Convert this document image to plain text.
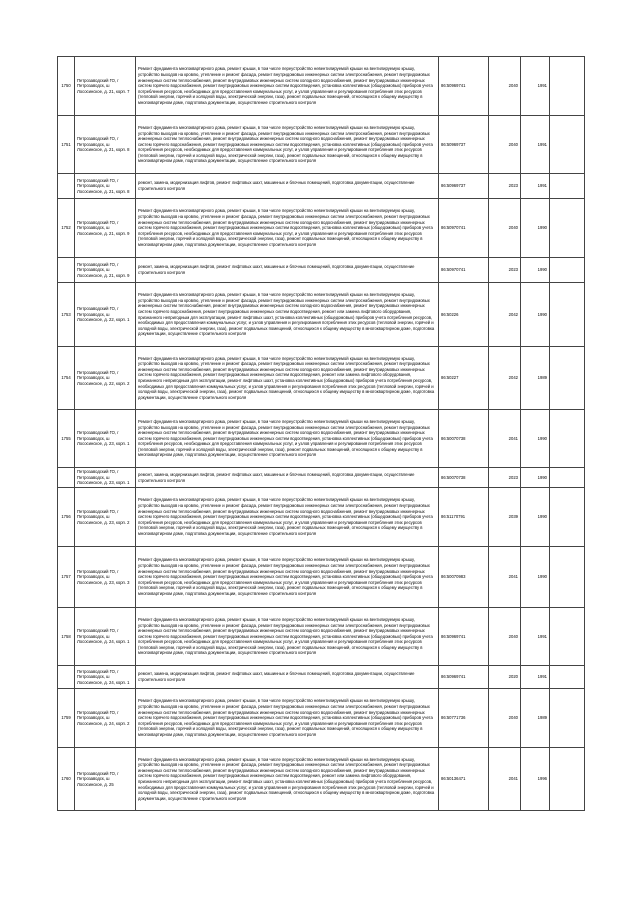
1750	Петрозаводский ГО, г Петрозаводск, ш Лососинское, д. 21, корп. 7	Ремонт фундамента многоквартирного дома, ремонт крыши, в том числе переустройство невентилируемой крыши на вентилируемую крышу, устройство выходов на кровлю, утепление и ремонт фасада, ремонт внутридомовых инженерных систем электроснабжения, ремонт внутридомовых инженерных систем теплоснабжения, ремонт внутридомовых инженерных систем холодного водоснабжения, ремонт внутридомовых инженерных систем горячего водоснабжения, ремонт внутридомовых инженерных систем водоотведения, установка коллективных (общедомовых) приборов учета потребления ресурсов, необходимых для предоставления коммунальных услуг, и узлов управления и регулирования потребления этих ресурсов (тепловой энергии, горячей и холодной воды, электрической энергии, газа), ремонт подвальных помещений, относящихся к общему имуществу в многоквартирном доме, подготовка документации, осуществление строительного контроля	86:50969741	2040	1991	

1751	Петрозаводский ГО, г Петрозаводск, ш Лососинское, д. 21, корп. 8	Ремонт фундамента многоквартирного дома, ремонт крыши, в том числе переустройство невентилируемой крыши на вентилируемую крышу, устройство выходов на кровлю, утепление и ремонт фасада, ремонт внутридомовых инженерных систем электроснабжения, ремонт внутридомовых инженерных систем теплоснабжения, ремонт внутридомовых инженерных систем холодного водоснабжения, ремонт внутридомовых инженерных систем горячего водоснабжения, ремонт внутридомовых инженерных систем водоотведения, установка коллективных (общедомовых) приборов учета потребления ресурсов, необходимых для предоставления коммунальных услуг, и узлов управления и регулирования потребления этих ресурсов (тепловой энергии, горячей и холодной воды, электрической энергии, газа), ремонт подвальных помещений, относящихся к общему имуществу в многоквартирном доме, подготовка документации, осуществление строительного контроля	86:50969737	2040	1991	

	Петрозаводский ГО, г Петрозаводск, ш Лососинское, д. 21, корп. 8	ремонт, замена, модернизация лифтов, ремонт лифтовых шахт, машинных и блочных помещений, подготовка документации, осуществление строительного контроля	86:50969737	2023	1991	

1752	Петрозаводский ГО, г Петрозаводск, ш Лососинское, д. 21, корп. 9	Ремонт фундамента многоквартирного дома, ремонт крыши, в том числе переустройство невентилируемой крыши на вентилируемую крышу, устройство выходов на кровлю, утепление и ремонт фасада, ремонт внутридомовых инженерных систем электроснабжения, ремонт внутридомовых инженерных систем теплоснабжения, ремонт внутридомовых инженерных систем холодного водоснабжения, ремонт внутридомовых инженерных систем горячего водоснабжения, ремонт внутридомовых инженерных систем водоотведения, установка коллективных (общедомовых) приборов учета потребления ресурсов, необходимых для предоставления коммунальных услуг, и узлов управления и регулирования потребления этих ресурсов (тепловой энергии, горячей и холодной воды, электрической энергии, газа), ремонт подвальных помещений, относящихся к общему имуществу в многоквартирном доме, подготовка документации, осуществление строительного контроля	86:50970741	2040	1990	

	Петрозаводский ГО, г Петрозаводск, ш Лососинское, д. 21, корп. 9	ремонт, замена, модернизация лифтов, ремонт лифтовых шахт, машинных и блочных помещений, подготовка документации, осуществление строительного контроля	86:50970741	2023	1990	

1753	Петрозаводский ГО, г Петрозаводск, ш Лососинское, д. 22, корп. 1	Ремонт фундамента многоквартирного дома, ремонт крыши, в том числе переустройство невентилируемой крыши на вентилируемую крышу, устройство выходов на кровлю, утепление и ремонт фасада, ремонт внутридомовых инженерных систем электроснабжения, ремонт внутридомовых инженерных систем теплоснабжения, ремонт внутридомовых инженерных систем холодного водоснабжения, ремонт внутридомовых инженерных систем горячего водоснабжения, ремонт внутридомовых инженерных систем водоотведения, ремонт или замена лифтового оборудования, признанного непригодным для эксплуатации, ремонт лифтовых шахт, установка коллективных (общедомовых) приборов учета потребления ресурсов, необходимых для предоставления коммунальных услуг, и узлов управления и регулирования потребления этих ресурсов (тепловой энергии, горячей и холодной воды, электрической энергии, газа), ремонт подвальных помещений, относящихся к общему имуществу в многоквартирном доме, подготовка документации, осуществление строительного контроля	86:50226	2042	1990	

1754	Петрозаводский ГО, г Петрозаводск, ш Лососинское, д. 22, корп. 2	Ремонт фундамента многоквартирного дома, ремонт крыши, в том числе переустройство невентилируемой крыши на вентилируемую крышу, устройство выходов на кровлю, утепление и ремонт фасада, ремонт внутридомовых инженерных систем электроснабжения, ремонт внутридомовых инженерных систем теплоснабжения, ремонт внутридомовых инженерных систем холодного водоснабжения, ремонт внутридомовых инженерных систем горячего водоснабжения, ремонт внутридомовых инженерных систем водоотведения, ремонт или замена лифтового оборудования, признанного непригодным для эксплуатации, ремонт лифтовых шахт, установка коллективных (общедомовых) приборов учета потребления ресурсов, необходимых для предоставления коммунальных услуг, и узлов управления и регулирования потребления этих ресурсов (тепловой энергии, горячей и холодной воды, электрической энергии, газа), ремонт подвальных помещений, относящихся к общему имуществу в многоквартирном доме, подготовка документации, осуществление строительного контроля	86:50227	2042	1989	

1755	Петрозаводский ГО, г Петрозаводск, ш Лососинское, д. 23, корп. 1	Ремонт фундамента многоквартирного дома, ремонт крыши, в том числе переустройство невентилируемой крыши на вентилируемую крышу, устройство выходов на кровлю, утепление и ремонт фасада, ремонт внутридомовых инженерных систем электроснабжения, ремонт внутридомовых инженерных систем теплоснабжения, ремонт внутридомовых инженерных систем холодного водоснабжения, ремонт внутридомовых инженерных систем горячего водоснабжения, ремонт внутридомовых инженерных систем водоотведения, установка коллективных (общедомовых) приборов учета потребления ресурсов, необходимых для предоставления коммунальных услуг, и узлов управления и регулирования потребления этих ресурсов (тепловой энергии, горячей и холодной воды, электрической энергии, газа), ремонт подвальных помещений, относящихся к общему имуществу в многоквартирном доме, подготовка документации, осуществление строительного контроля	86:50070738	2041	1990	

	Петрозаводский ГО, г Петрозаводск, ш Лососинское, д. 23, корп. 1	ремонт, замена, модернизация лифтов, ремонт лифтовых шахт, машинных и блочных помещений, подготовка документации, осуществление строительного контроля	86:50070738	2023	1990	

1756	Петрозаводский ГО, г Петрозаводск, ш Лососинское, д. 23, корп. 2	Ремонт фундамента многоквартирного дома, ремонт крыши, в том числе переустройство невентилируемой крыши на вентилируемую крышу, устройство выходов на кровлю, утепление и ремонт фасада, ремонт внутридомовых инженерных систем электроснабжения, ремонт внутридомовых инженерных систем теплоснабжения, ремонт внутридомовых инженерных систем холодного водоснабжения, ремонт внутридомовых инженерных систем горячего водоснабжения, ремонт внутридомовых инженерных систем водоотведения, установка коллективных (общедомовых) приборов учета потребления ресурсов, необходимых для предоставления коммунальных услуг, и узлов управления и регулирования потребления этих ресурсов (тепловой энергии, горячей и холодной воды, электрической энергии, газа), ремонт подвальных помещений, относящихся к общему имуществу в многоквартирном доме, подготовка документации, осуществление строительного контроля	86:51170791	2039	1990	

1757	Петрозаводский ГО, г Петрозаводск, ш Лососинское, д. 23, корп. 3	Ремонт фундамента многоквартирного дома, ремонт крыши, в том числе переустройство невентилируемой крыши на вентилируемую крышу, устройство выходов на кровлю, утепление и ремонт фасада, ремонт внутридомовых инженерных систем электроснабжения, ремонт внутридомовых инженерных систем теплоснабжения, ремонт внутридомовых инженерных систем холодного водоснабжения, ремонт внутридомовых инженерных систем горячего водоснабжения, ремонт внутридомовых инженерных систем водоотведения, установка коллективных (общедомовых) приборов учета потребления ресурсов, необходимых для предоставления коммунальных услуг, и узлов управления и регулирования потребления этих ресурсов (тепловой энергии, горячей и холодной воды, электрической энергии, газа), ремонт подвальных помещений, относящихся к общему имуществу в многоквартирном доме, подготовка документации, осуществление строительного контроля	86:50070983	2041	1990	

1758	Петрозаводский ГО, г Петрозаводск, ш Лососинское, д. 24, корп. 1	Ремонт фундамента многоквартирного дома, ремонт крыши, в том числе переустройство невентилируемой крыши на вентилируемую крышу, устройство выходов на кровлю, утепление и ремонт фасада, ремонт внутридомовых инженерных систем электроснабжения, ремонт внутридомовых инженерных систем теплоснабжения, ремонт внутридомовых инженерных систем холодного водоснабжения, ремонт внутридомовых инженерных систем горячего водоснабжения, ремонт внутридомовых инженерных систем водоотведения, установка коллективных (общедомовых) приборов учета потребления ресурсов, необходимых для предоставления коммунальных услуг, и узлов управления и регулирования потребления этих ресурсов (тепловой энергии, горячей и холодной воды, электрической энергии, газа), ремонт подвальных помещений, относящихся к общему имуществу в многоквартирном доме, подготовка документации, осуществление строительного контроля	86:50969741	2040	1991	

	Петрозаводский ГО, г Петрозаводск, ш Лососинское, д. 24, корп. 1	ремонт, замена, модернизация лифтов, ремонт лифтовых шахт, машинных и блочных помещений, подготовка документации, осуществление строительного контроля	86:50969741	2020	1991	

1759	Петрозаводский ГО, г Петрозаводск, ш Лососинское, д. 24, корп. 2	Ремонт фундамента многоквартирного дома, ремонт крыши, в том числе переустройство невентилируемой крыши на вентилируемую крышу, устройство выходов на кровлю, утепление и ремонт фасада, ремонт внутридомовых инженерных систем электроснабжения, ремонт внутридомовых инженерных систем теплоснабжения, ремонт внутридомовых инженерных систем холодного водоснабжения, ремонт внутридомовых инженерных систем горячего водоснабжения, ремонт внутридомовых инженерных систем водоотведения, установка коллективных (общедомовых) приборов учета потребления ресурсов, необходимых для предоставления коммунальных услуг, и узлов управления и регулирования потребления этих ресурсов (тепловой энергии, горячей и холодной воды, электрической энергии, газа), ремонт подвальных помещений, относящихся к общему имуществу в многоквартирном доме, подготовка документации, осуществление строительного контроля	86:50771736	2040	1989	

1760	Петрозаводский ГО, г Петрозаводск, ш Лососинское, д. 25	Ремонт фундамента многоквартирного дома, ремонт крыши, в том числе переустройство невентилируемой крыши на вентилируемую крышу, устройство выходов на кровлю, утепление и ремонт фасада, ремонт внутридомовых инженерных систем электроснабжения, ремонт внутридомовых инженерных систем теплоснабжения, ремонт внутридомовых инженерных систем холодного водоснабжения, ремонт внутридомовых инженерных систем горячего водоснабжения, ремонт внутридомовых инженерных систем водоотведения, ремонт или замена лифтового оборудования, признанного непригодным для эксплуатации, ремонт лифтовых шахт, установка коллективных (общедомовых) приборов учета потребления ресурсов, необходимых для предоставления коммунальных услуг, и узлов управления и регулирования потребления этих ресурсов (тепловой энергии, горячей и холодной воды, электрической энергии, газа), ремонт подвальных помещений, относящихся к общему имуществу в многоквартирном доме, подготовка документации, осуществление строительного контроля	86:50136471	2041	1996	
